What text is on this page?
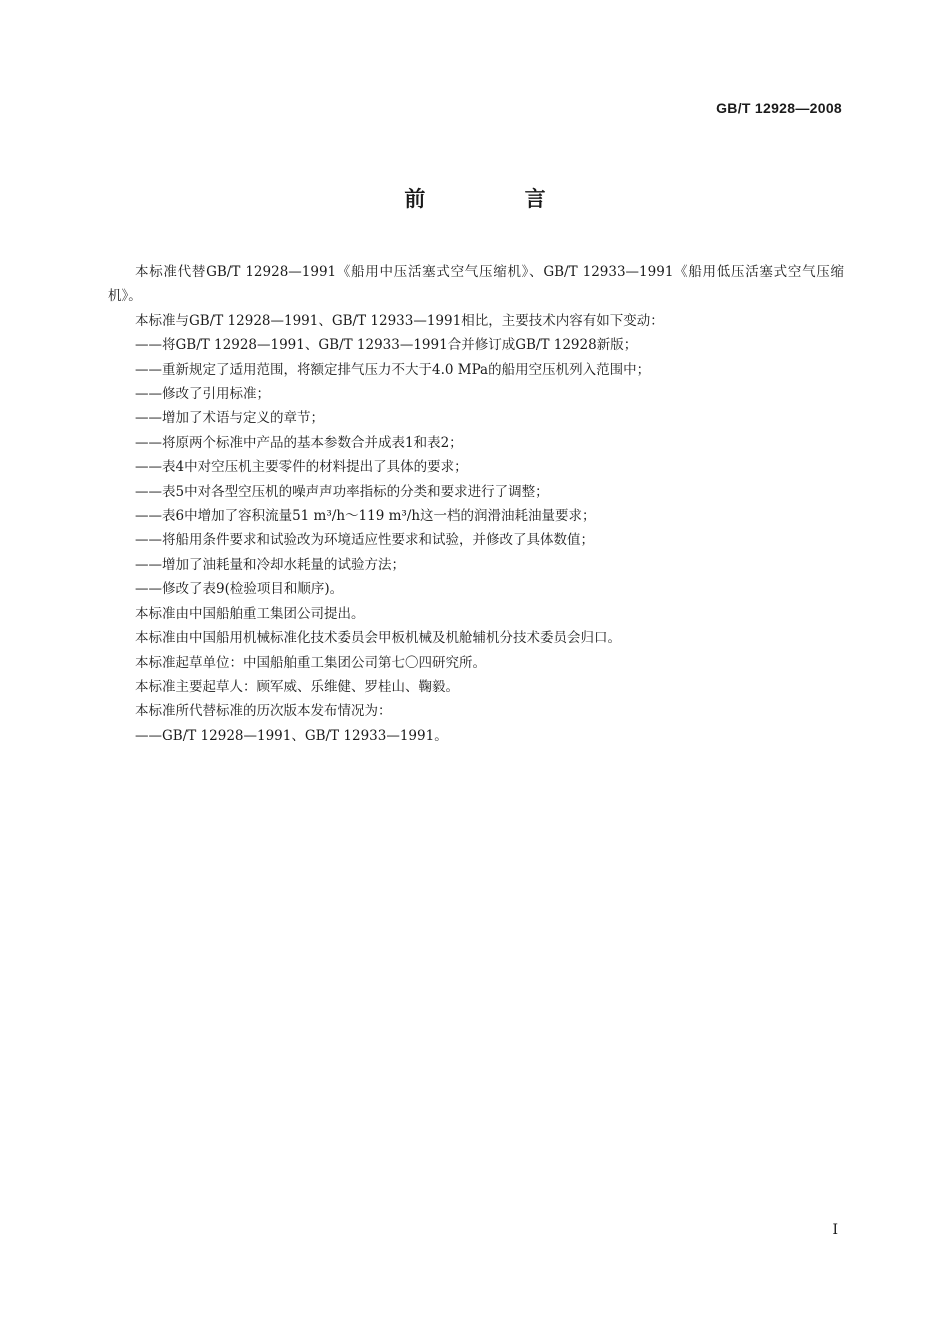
GB/T 12928—2008
前 言

本标准代替GB/T 12928—1991《船用中压活塞式空气压缩机》、GB/T 12933—1991《船用低压活塞式空气压缩机》。

本标准与GB/T 12928—1991、GB/T 12933—1991相比，主要技术内容有如下变动：

——将GB/T 12928—1991、GB/T 12933—1991合并修订成GB/T 12928新版；

——重新规定了适用范围，将额定排气压力不大于4.0 MPa的船用空压机列入范围中；

——修改了引用标准；

——增加了术语与定义的章节；

——将原两个标准中产品的基本参数合并成表1和表2；

——表4中对空压机主要零件的材料提出了具体的要求；

——表5中对各型空压机的噪声声功率指标的分类和要求进行了调整；

——表6中增加了容积流量51 m³/h～119 m³/h这一档的润滑油耗油量要求；

——将船用条件要求和试验改为环境适应性要求和试验，并修改了具体数值；

——增加了油耗量和冷却水耗量的试验方法；

——修改了表9(检验项目和顺序)。

本标准由中国船舶重工集团公司提出。

本标准由中国船用机械标准化技术委员会甲板机械及机舱辅机分技术委员会归口。

本标准起草单位：中国船舶重工集团公司第七〇四研究所。

本标准主要起草人：顾军威、乐维健、罗桂山、鞠毅。

本标准所代替标准的历次版本发布情况为：

——GB/T 12928—1991、GB/T 12933—1991。

I
